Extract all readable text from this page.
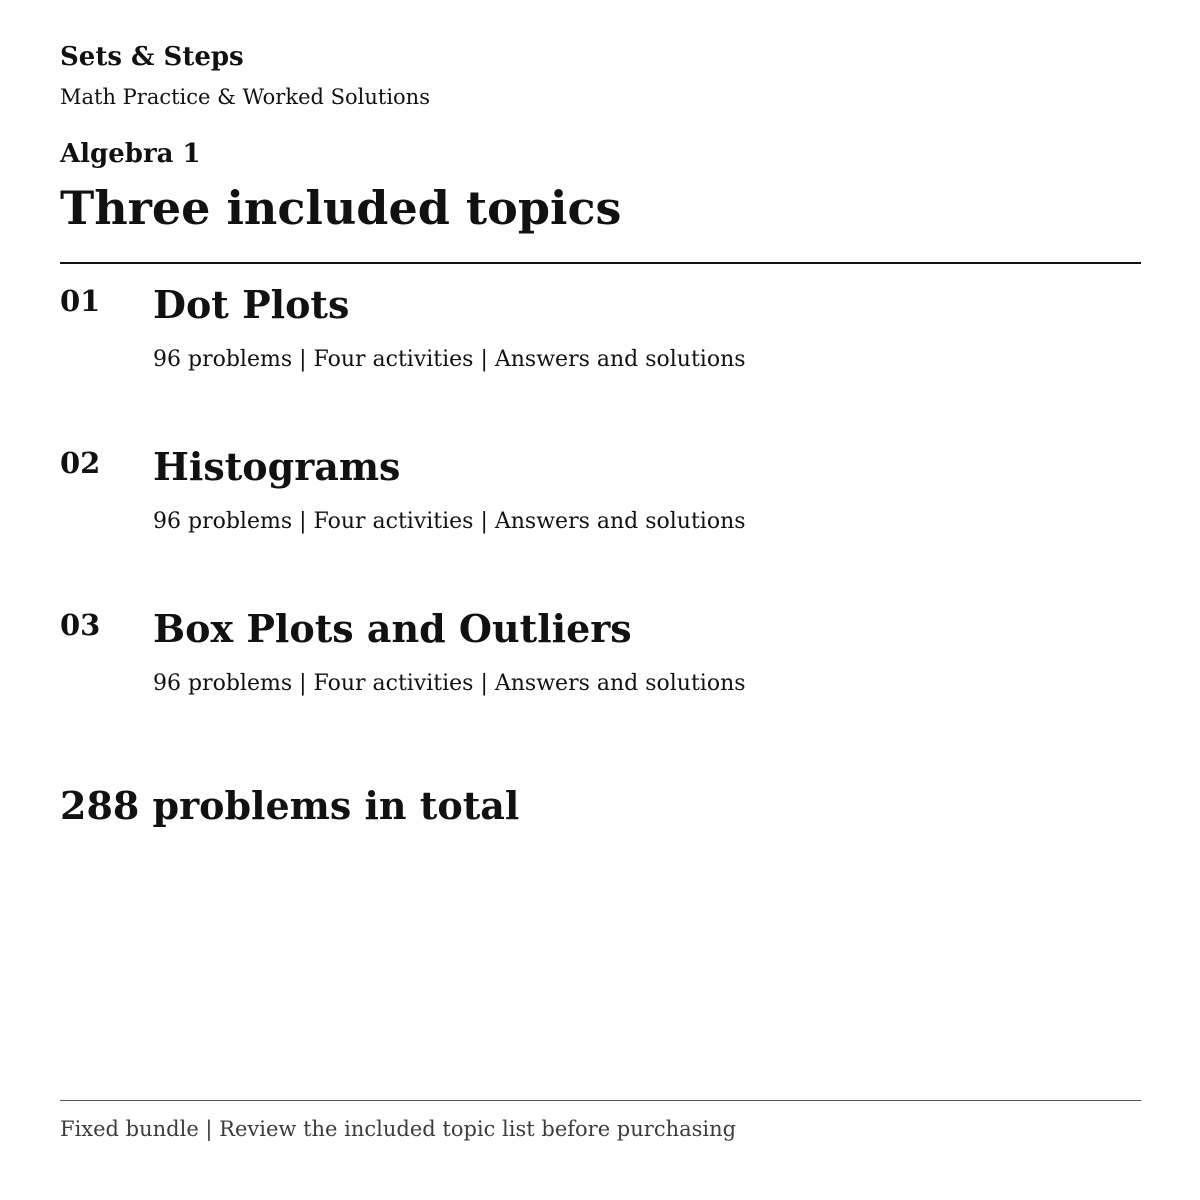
Sets & Steps
Math Practice & Worked Solutions
Algebra 1
Three included topics
01 Dot Plots
96 problems | Four activities | Answers and solutions
02 Histograms
96 problems | Four activities | Answers and solutions
03 Box Plots and Outliers
96 problems | Four activities | Answers and solutions
288 problems in total
Fixed bundle | Review the included topic list before purchasing
